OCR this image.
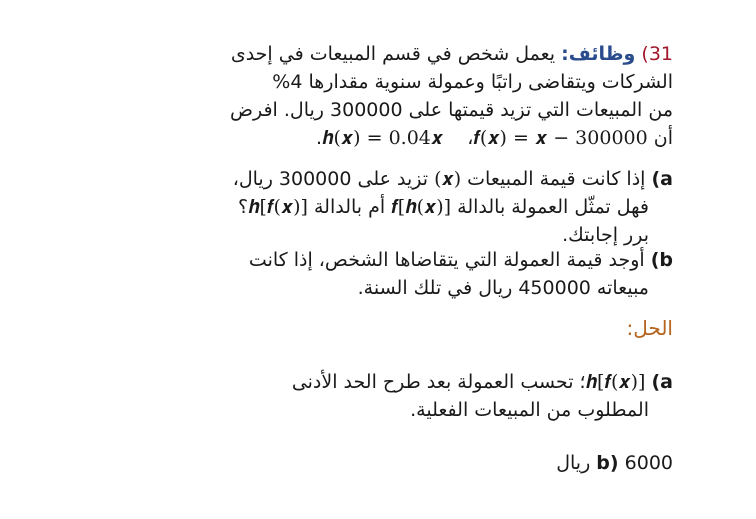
31) وظائف: يعمل شخص في قسم المبيعات في إحدى
الشركات ويتقاضى راتبًا وعمولة سنوية مقدارها 4%
من المبيعات التي تزيد قيمتها على 300000 ريال. افرض
أن 𝒇(𝒙) = 𝒙 − 300000،    𝒉(𝒙) = 0.04𝒙.
a) إذا كانت قيمة المبيعات (𝒙) تزيد على 300000 ريال،
فهل تمثّل العمولة بالدالة 𝒇[𝒉(𝒙)] أم بالدالة 𝒉[𝒇(𝒙)]؟
برر إجابتك.
b) أوجد قيمة العمولة التي يتقاضاها الشخص، إذا كانت
مبيعاته 450000 ريال في تلك السنة.
الحل:
a) 𝒉[𝒇(𝒙)]؛ تحسب العمولة بعد طرح الحد الأدنى
المطلوب من المبيعات الفعلية.
b) 6000 ريال
